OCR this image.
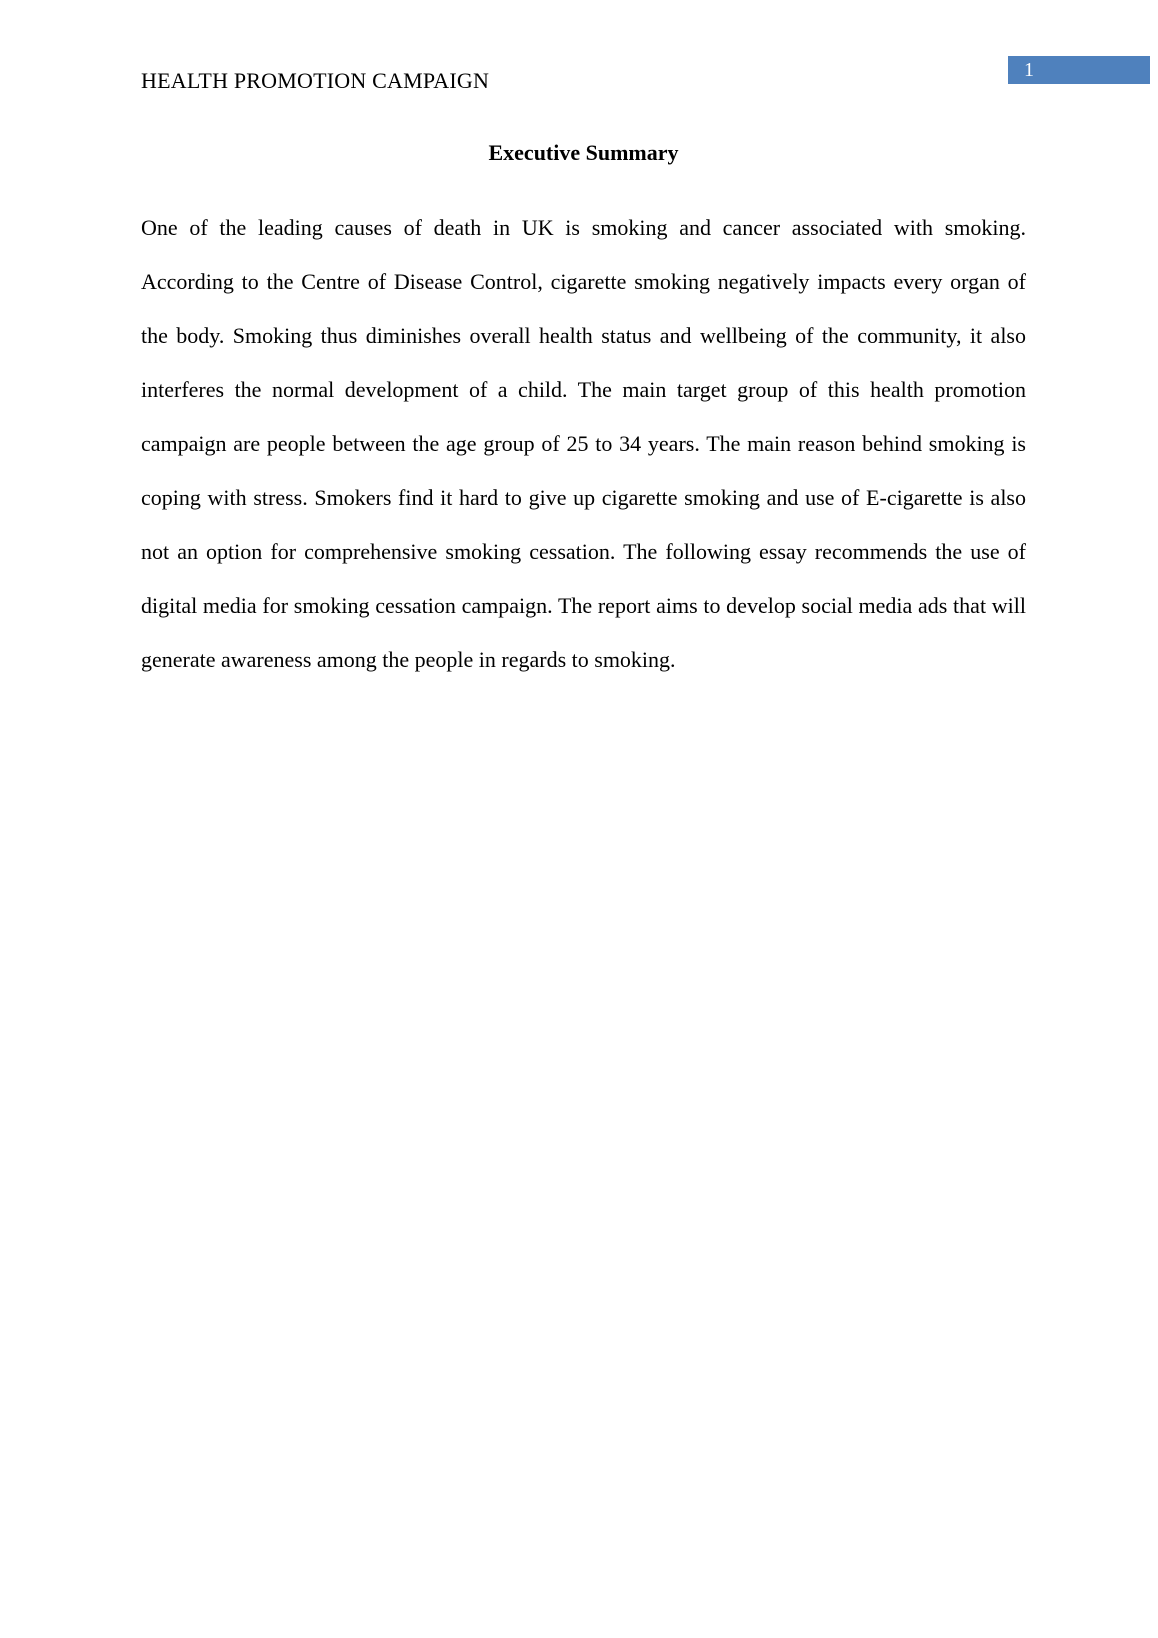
HEALTH PROMOTION CAMPAIGN	1
Executive Summary

One of the leading causes of death in UK is smoking and cancer associated with smoking. According to the Centre of Disease Control, cigarette smoking negatively impacts every organ of the body. Smoking thus diminishes overall health status and wellbeing of the community, it also interferes the normal development of a child. The main target group of this health promotion campaign are people between the age group of 25 to 34 years. The main reason behind smoking is coping with stress. Smokers find it hard to give up cigarette smoking and use of E-cigarette is also not an option for comprehensive smoking cessation. The following essay recommends the use of digital media for smoking cessation campaign. The report aims to develop social media ads that will generate awareness among the people in regards to smoking.
